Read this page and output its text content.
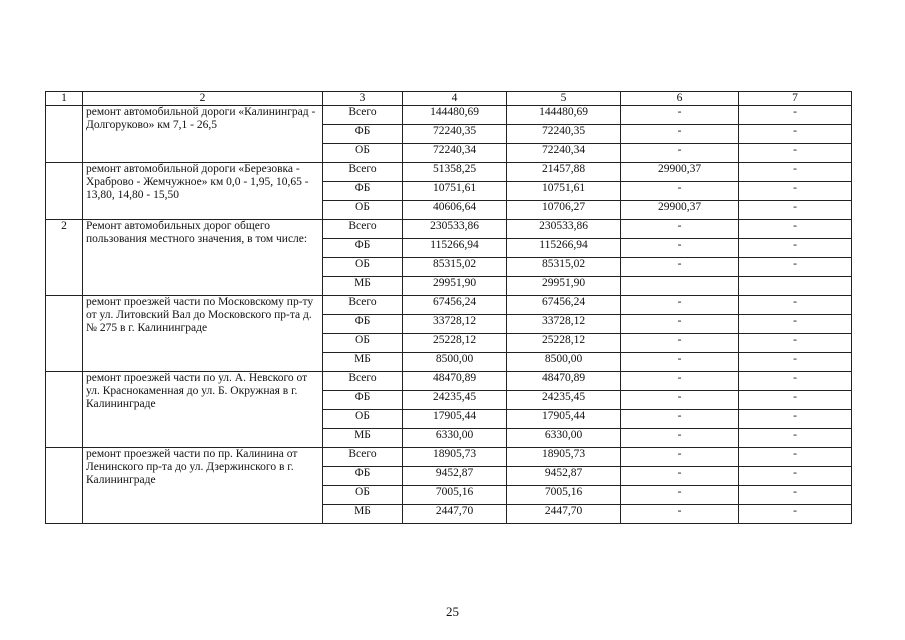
1	2	3	4	5	6	7
	ремонт автомобильной дороги «Калининград - Долгоруково» км 7,1 - 26,5	Всего	144480,69	144480,69	-	-
		ФБ	72240,35	72240,35	-	-
		ОБ	72240,34	72240,34	-	-
	ремонт автомобильной дороги «Березовка - Храброво - Жемчужное» км 0,0 - 1,95, 10,65 - 13,80, 14,80 - 15,50	Всего	51358,25	21457,88	29900,37	-
		ФБ	10751,61	10751,61	-	-
		ОБ	40606,64	10706,27	29900,37	-
2	Ремонт автомобильных дорог общего пользования местного значения, в том числе:	Всего	230533,86	230533,86	-	-
		ФБ	115266,94	115266,94	-	-
		ОБ	85315,02	85315,02	-	-
		МБ	29951,90	29951,90		
	ремонт проезжей части по Московскому пр-ту от ул. Литовский Вал до Московского пр-та д. № 275 в г. Калининграде	Всего	67456,24	67456,24	-	-
		ФБ	33728,12	33728,12	-	-
		ОБ	25228,12	25228,12	-	-
		МБ	8500,00	8500,00	-	-
	ремонт проезжей части по ул. А. Невского от ул. Краснокаменная до ул. Б. Окружная в г. Калининграде	Всего	48470,89	48470,89	-	-
		ФБ	24235,45	24235,45	-	-
		ОБ	17905,44	17905,44	-	-
		МБ	6330,00	6330,00	-	-
	ремонт проезжей части по пр. Калинина от Ленинского пр-та до ул. Дзержинского в г. Калининграде	Всего	18905,73	18905,73	-	-
		ФБ	9452,87	9452,87	-	-
		ОБ	7005,16	7005,16	-	-
		МБ	2447,70	2447,70	-	-
25
